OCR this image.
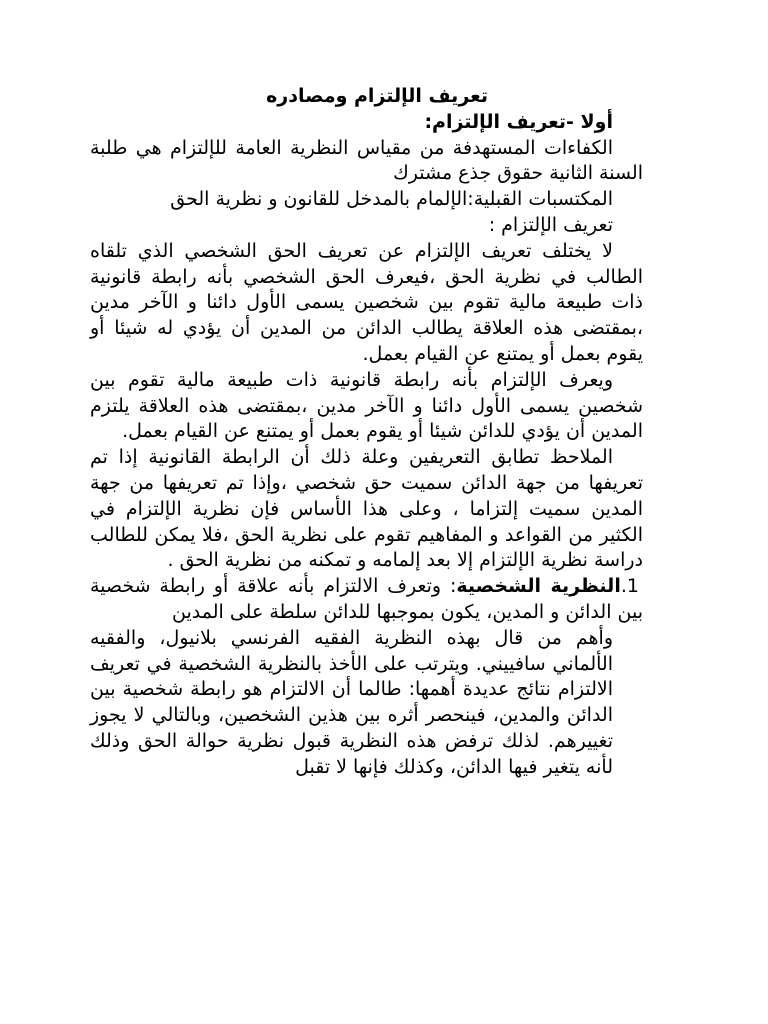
تعريف الإلتزام ومصادره

أولا -تعريف الإلتزام:

الكفاءات المستهدفة من مقياس النظرية العامة للإلتزام هي طلبة السنة الثانية حقوق جذع مشترك

المكتسبات القبلية:الإلمام بالمدخل للقانون و نظرية الحق

تعريف الإلتزام :

لا يختلف تعريف الإلتزام عن تعريف الحق الشخصي الذي تلقاه الطالب في نظرية الحق ،فيعرف الحق الشخصي بأنه رابطة قانونية ذات طبيعة مالية تقوم بين شخصين يسمى الأول دائنا و الآخر مدين ،بمقتضى هذه العلاقة يطالب الدائن من المدين أن يؤدي له شيئا أو يقوم بعمل أو يمتنع عن القيام بعمل.

ويعرف الإلتزام بأنه رابطة قانونية ذات طبيعة مالية تقوم بين شخصين يسمى الأول دائنا و الآخر مدين ،بمقتضى هذه العلاقة يلتزم المدين أن يؤدي للدائن شيئا أو يقوم بعمل أو يمتنع عن القيام بعمل.

الملاحظ تطابق التعريفين وعلة ذلك أن الرابطة القانونية إذا تم تعريفها من جهة الدائن سميت حق شخصي ،وإذا تم تعريفها من جهة المدين سميت إلتزاما ، وعلى هذا الأساس فإن نظرية الإلتزام في الكثير من القواعد و المفاهيم تقوم على نظرية الحق ،فلا يمكن للطالب دراسة نظرية الإلتزام إلا بعد إلمامه و تمكنه من نظرية الحق .

1.النظرية الشخصية: وتعرف الالتزام بأنه علاقة أو رابطة شخصية بين الدائن و المدين، يكون بموجبها للدائن سلطة على المدين

وأهم من قال بهذه النظرية الفقيه الفرنسي بلانيول، والفقيه الألماني سافييني. ويترتب على الأخذ بالنظرية الشخصية في تعريف الالتزام نتائج عديدة أهمها: طالما أن الالتزام هو رابطة شخصية بين الدائن والمدين، فينحصر أثره بين هذين الشخصين، وبالتالي لا يجوز تغييرهم. لذلك ترفض هذه النظرية قبول نظرية حوالة الحق وذلك لأنه يتغير فيها الدائن، وكذلك فإنها لا تقبل
